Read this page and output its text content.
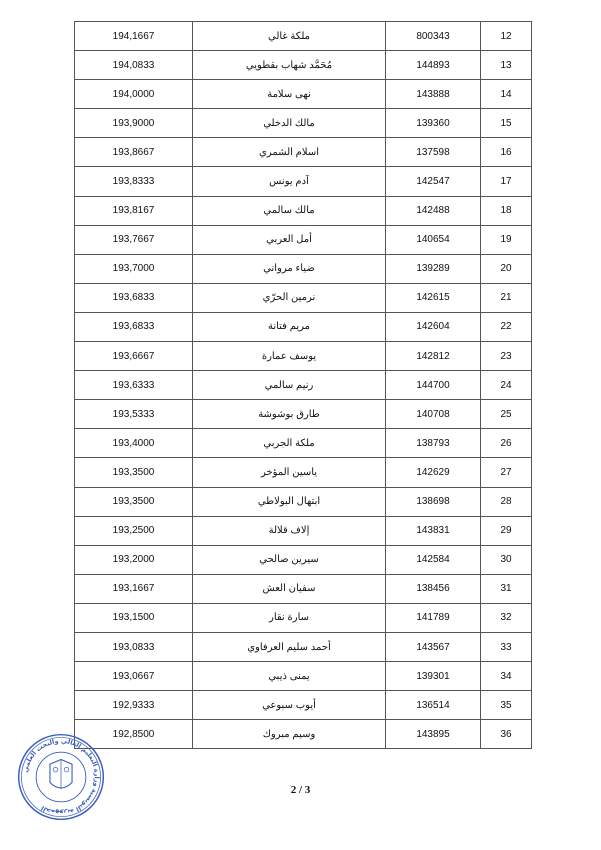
194,1667	ملكة غالي	800343	12
194,0833	مُحَمَّد شهاب بقطويي	144893	13
194,0000	نهى سلامة	143888	14
193,9000	مالك الدخلي	139360	15
193,8667	اسلام الشمري	137598	16
193,8333	آدم يونس	142547	17
193,8167	مالك سالمي	142488	18
193,7667	أمل العربي	140654	19
193,7000	ضياء مرواني	139289	20
193,6833	نرمين الحرّي	142615	21
193,6833	مريم فتانة	142604	22
193,6667	يوسف عمارة	142812	23
193,6333	رنيم سالمي	144700	24
193,5333	طارق بوشوشة	140708	25
193,4000	ملكة الجربي	138793	26
193,3500	ياسين المؤخر	142629	27
193,3500	ابتهال البولاطي	138698	28
193,2500	إلاف قلالة	143831	29
193,2000	سيرين صالحي	142584	30
193,1667	سفيان العش	138456	31
193,1500	سارة نقار	141789	32
193,0833	أحمد سليم العرفاوي	143567	33
193,0667	يمنى ذيبي	139301	34
192,9333	أيوب سبوعي	136514	35
192,8500	وسيم مبروك	143895	36
2 / 3
الجمهورية التونسية وزارة التعليم العالي والبحث العلمي
